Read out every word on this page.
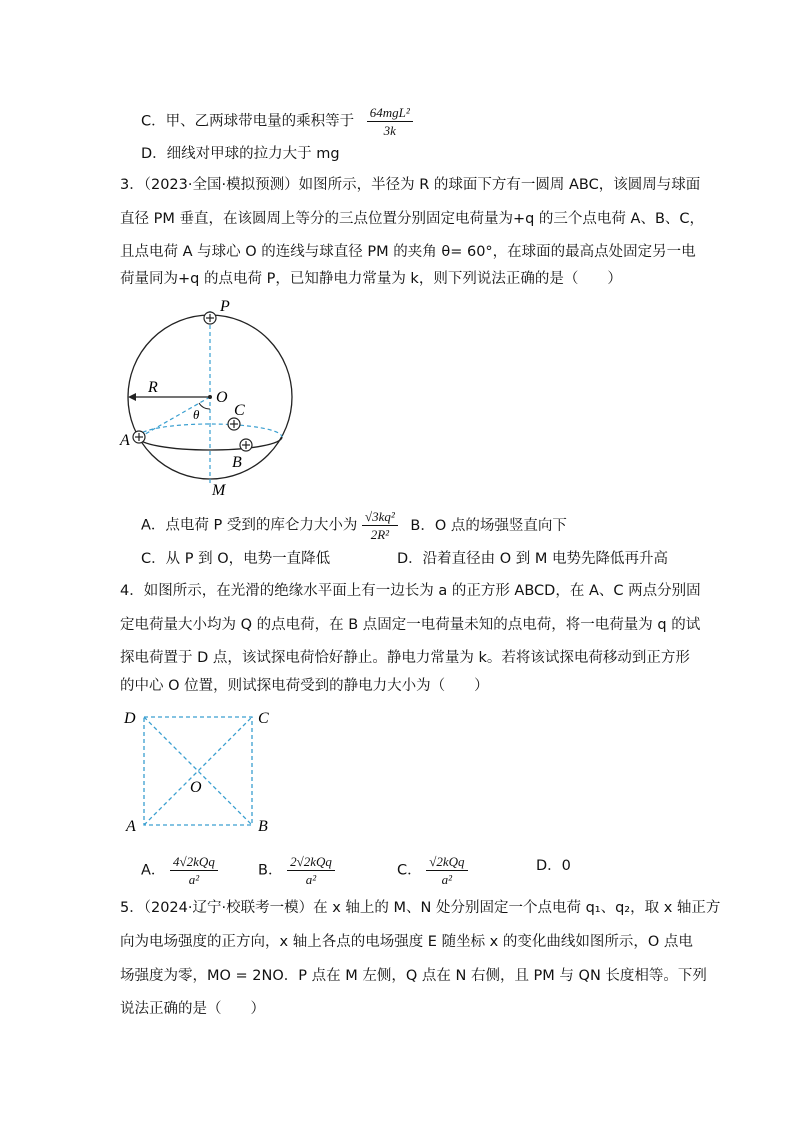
C．甲、乙两球带电量的乘积等于 $\frac{\text{64mgL²}}{3k}$
D．细线对甲球的拉力大于 mg
3．（2023·全国·模拟预测）如图所示，半径为 R 的球面下方有一圆周 ABC，该圆周与球面
直径 PM 垂直，在该圆周上等分的三点位置分别固定电荷量为+q 的三个点电荷 A、B、C，
且点电荷 A 与球心 O 的连线与球直径 PM 的夹角 θ= 60°，在球面的最高点处固定另一电
荷量同为+q 的点电荷 P，已知静电力常量为 k，则下列说法正确的是（　　）
P
O
R
θ C
A
B
M
A．点电荷 P 受到的库仑力大小为 $\frac{\text{√3kq²}}{\text{2R²}}$ B．O 点的场强竖直向下
C．从 P 到 O，电势一直降低	D．沿着直径由 O 到 M 电势先降低再升高
4．如图所示，在光滑的绝缘水平面上有一边长为 a 的正方形 ABCD，在 A、C 两点分别固
定电荷量大小均为 Q 的点电荷，在 B 点固定一电荷量未知的点电荷，将一电荷量为 q 的试
探电荷置于 D 点，该试探电荷恰好静止。静电力常量为 k。若将该试探电荷移动到正方形
的中心 O 位置，则试探电荷受到的静电力大小为（　　）
D	C
O
A	B
A． $\frac{\text{4√2kQq}}{\text{a²}}$	B． $\frac{\text{2√2kQq}}{\text{a²}}$	C． $\frac{\text{√2kQq}}{\text{a²}}$	D．0
5．（2024·辽宁·校联考一模）在 x 轴上的 M、N 处分别固定一个点电荷 q₁、q₂，取 x 轴正方
向为电场强度的正方向，x 轴上各点的电场强度 E 随坐标 x 的变化曲线如图所示，O 点电
场强度为零，MO = 2NO．P 点在 M 左侧，Q 点在 N 右侧，且 PM 与 QN 长度相等。下列
说法正确的是（　　）
